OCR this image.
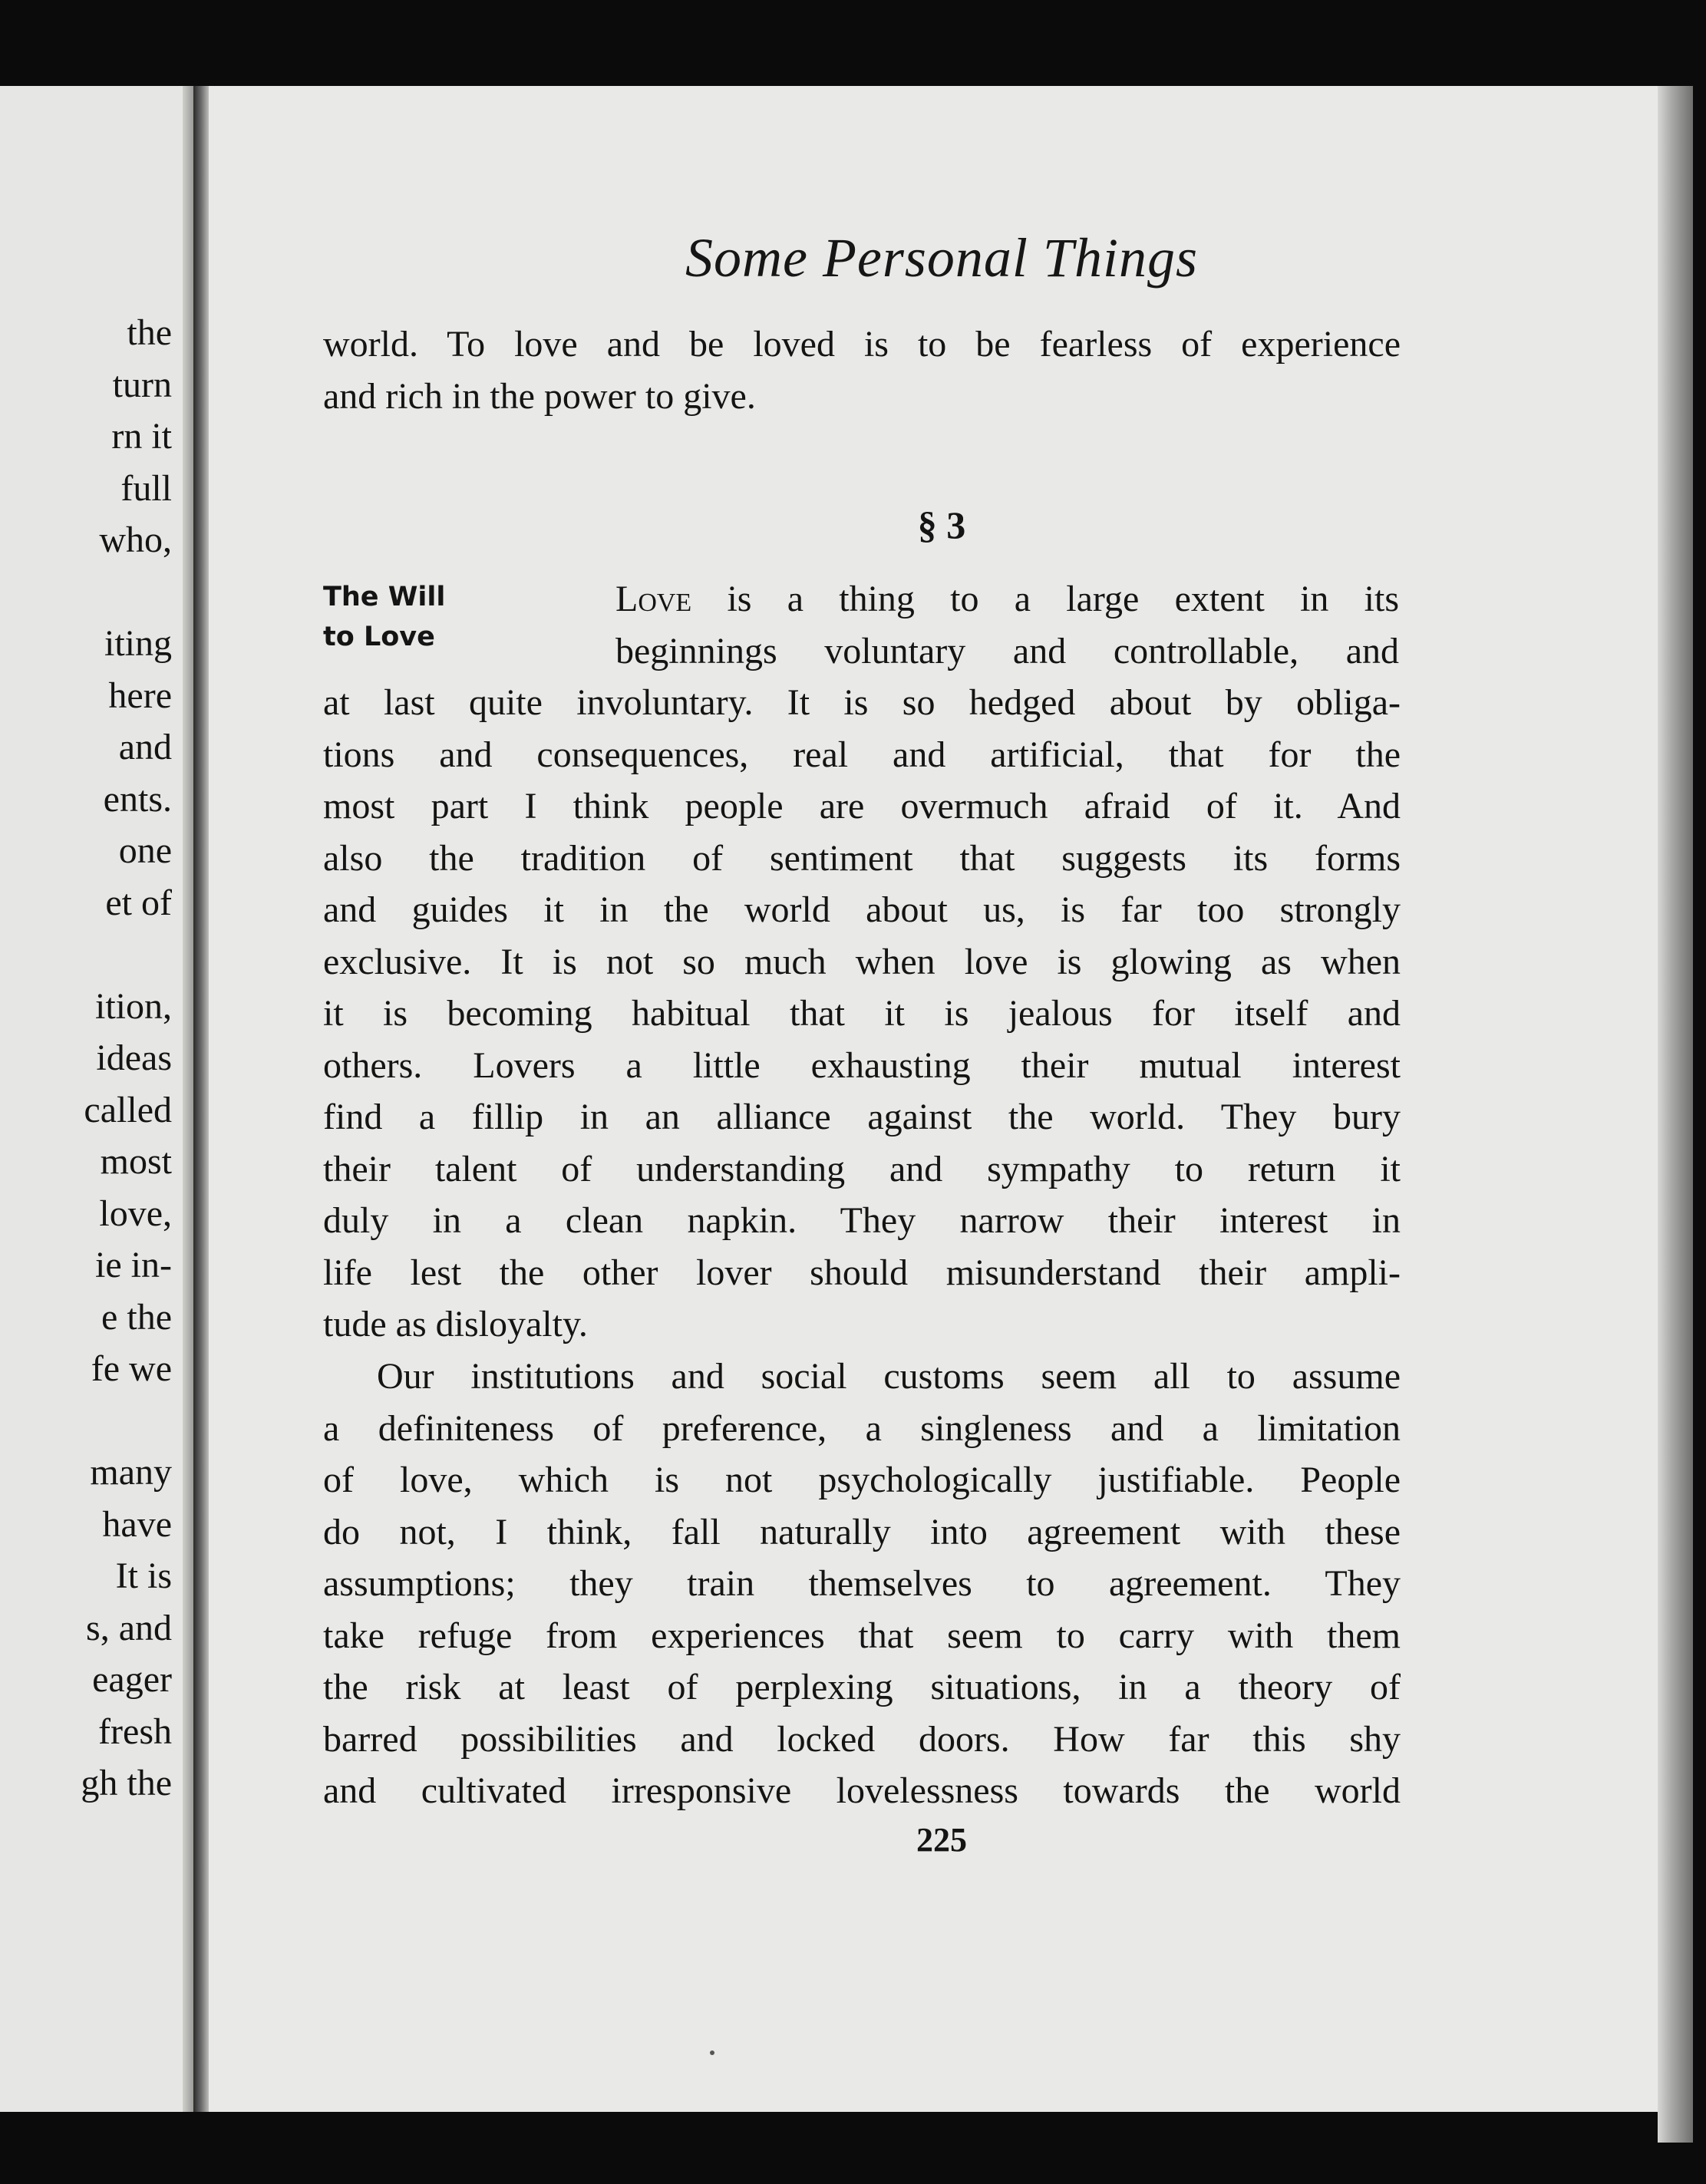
the
turn
rn it
full
who,
iting
here
and
ents.
one
et of
ition,
ideas
called
most
love,
ie in-
e the
fe we
many
have
It is
s, and
eager
fresh
gh the
Some Personal Things
world. To love and be loved is to be fearless of experience
and rich in the power to give.
§ 3
The Will
to Love
Love is a thing to a large extent in its
beginnings voluntary and controllable, and
at last quite involuntary. It is so hedged about by obliga-
tions and consequences, real and artificial, that for the
most part I think people are overmuch afraid of it. And
also the tradition of sentiment that suggests its forms
and guides it in the world about us, is far too strongly
exclusive. It is not so much when love is glowing as when
it is becoming habitual that it is jealous for itself and
others. Lovers a little exhausting their mutual interest
find a fillip in an alliance against the world. They bury
their talent of understanding and sympathy to return it
duly in a clean napkin. They narrow their interest in
life lest the other lover should misunderstand their ampli-
tude as disloyalty.
Our institutions and social customs seem all to assume
a definiteness of preference, a singleness and a limitation
of love, which is not psychologically justifiable. People
do not, I think, fall naturally into agreement with these
assumptions; they train themselves to agreement. They
take refuge from experiences that seem to carry with them
the risk at least of perplexing situations, in a theory of
barred possibilities and locked doors. How far this shy
and cultivated irresponsive lovelessness towards the world
225
